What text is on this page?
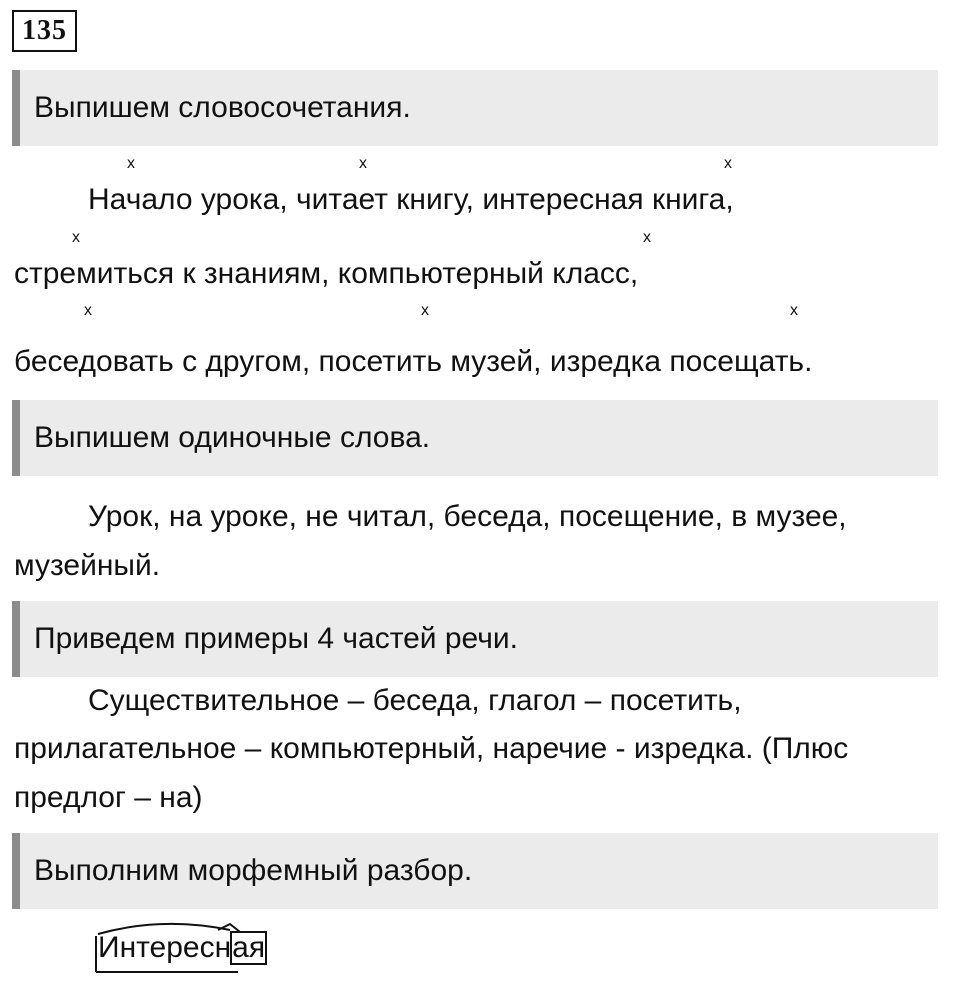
135
Выпишем словосочетания.
x	x	x
Начало урока, читает книгу, интересная книга,
x	x
стремиться к знаниям, компьютерный класс,
x	x	x
беседовать с другом, посетить музей, изредка посещать.
Выпишем одиночные слова.
Урок, на уроке, не читал, беседа, посещение, в музее,
музейный.
Приведем примеры 4 частей речи.
Существительное – беседа, глагол – посетить,
прилагательное – компьютерный, наречие - изредка. (Плюс
предлог – на)
Выполним морфемный разбор.
Интересная
